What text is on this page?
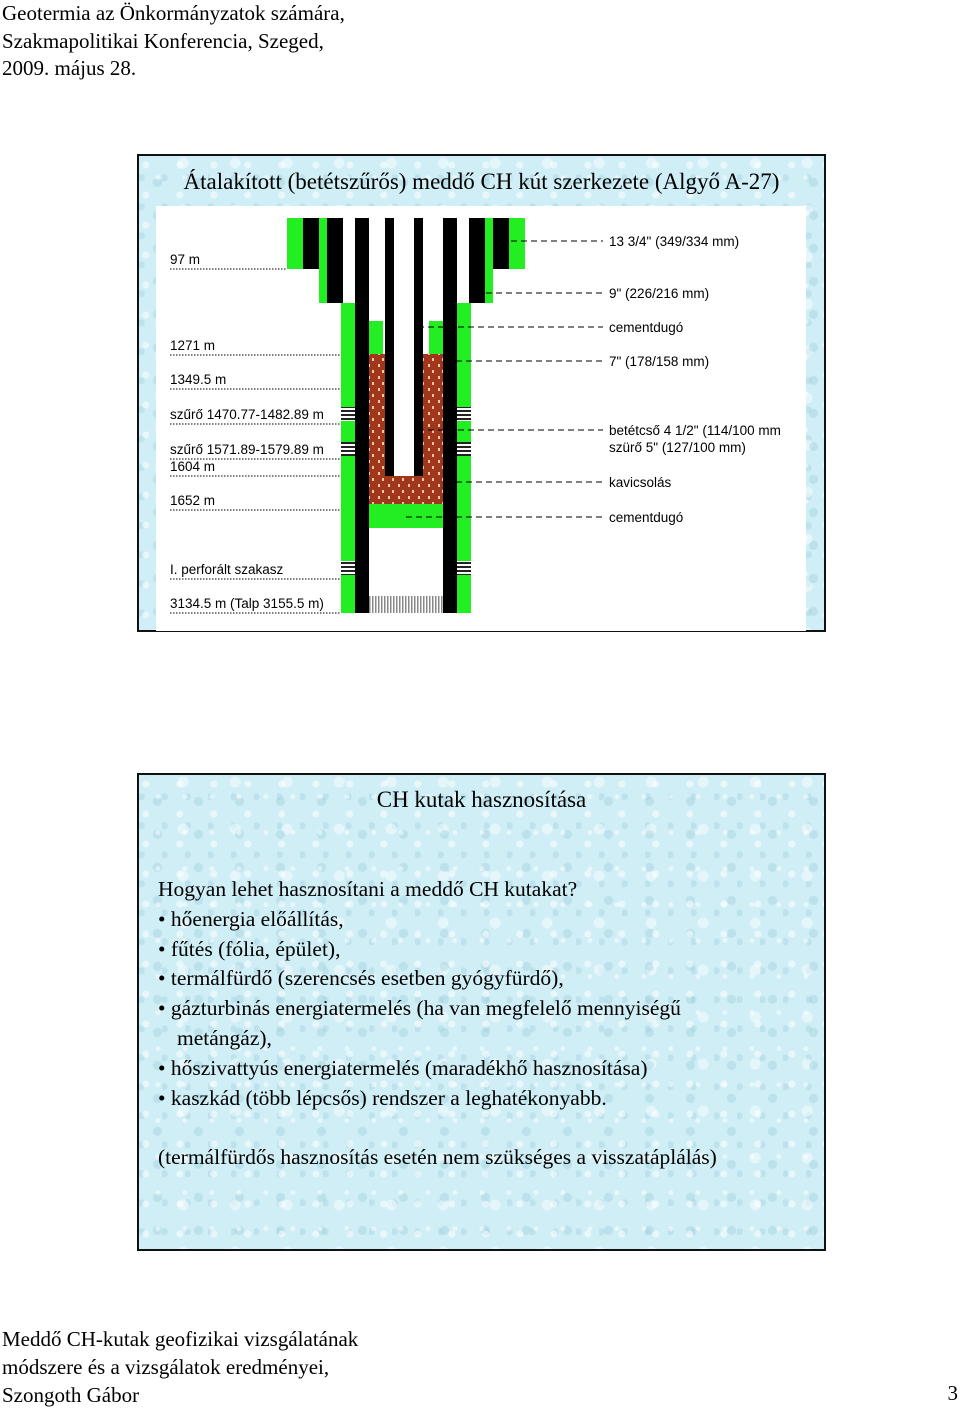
Geotermia az Önkormányzatok számára,
Szakmapolitikai Konferencia, Szeged,
2009. május 28.
Átalakított (betétszűrős) meddő CH kút szerkezete (Algyő A-27)
97 m
1271 m
1349.5 m
szűrő 1470.77-1482.89 m
szűrő 1571.89-1579.89 m
1604 m
1652 m
I. perforált szakasz
3134.5 m (Talp 3155.5 m)
13 3/4" (349/334 mm)
9" (226/216 mm)
cementdugó
7" (178/158 mm)
betétcső 4 1/2" (114/100 mm
szürő 5" (127/100 mm)
kavicsolás
cementdugó
CH kutak hasznosítása
Hogyan lehet hasznosítani a meddő CH kutakat?
• hőenergia előállítás,
• fűtés (fólia, épület),
• termálfürdő (szerencsés esetben gyógyfürdő),
• gázturbinás energiatermelés (ha van megfelelő mennyiségű
metángáz),
• hőszivattyús energiatermelés (maradékhő hasznosítása)
• kaszkád (több lépcsős) rendszer a leghatékonyabb.
(termálfürdős hasznosítás esetén nem szükséges a visszatáplálás)
Meddő CH-kutak geofizikai vizsgálatának
módszere és a vizsgálatok eredményei,
Szongoth Gábor	3
